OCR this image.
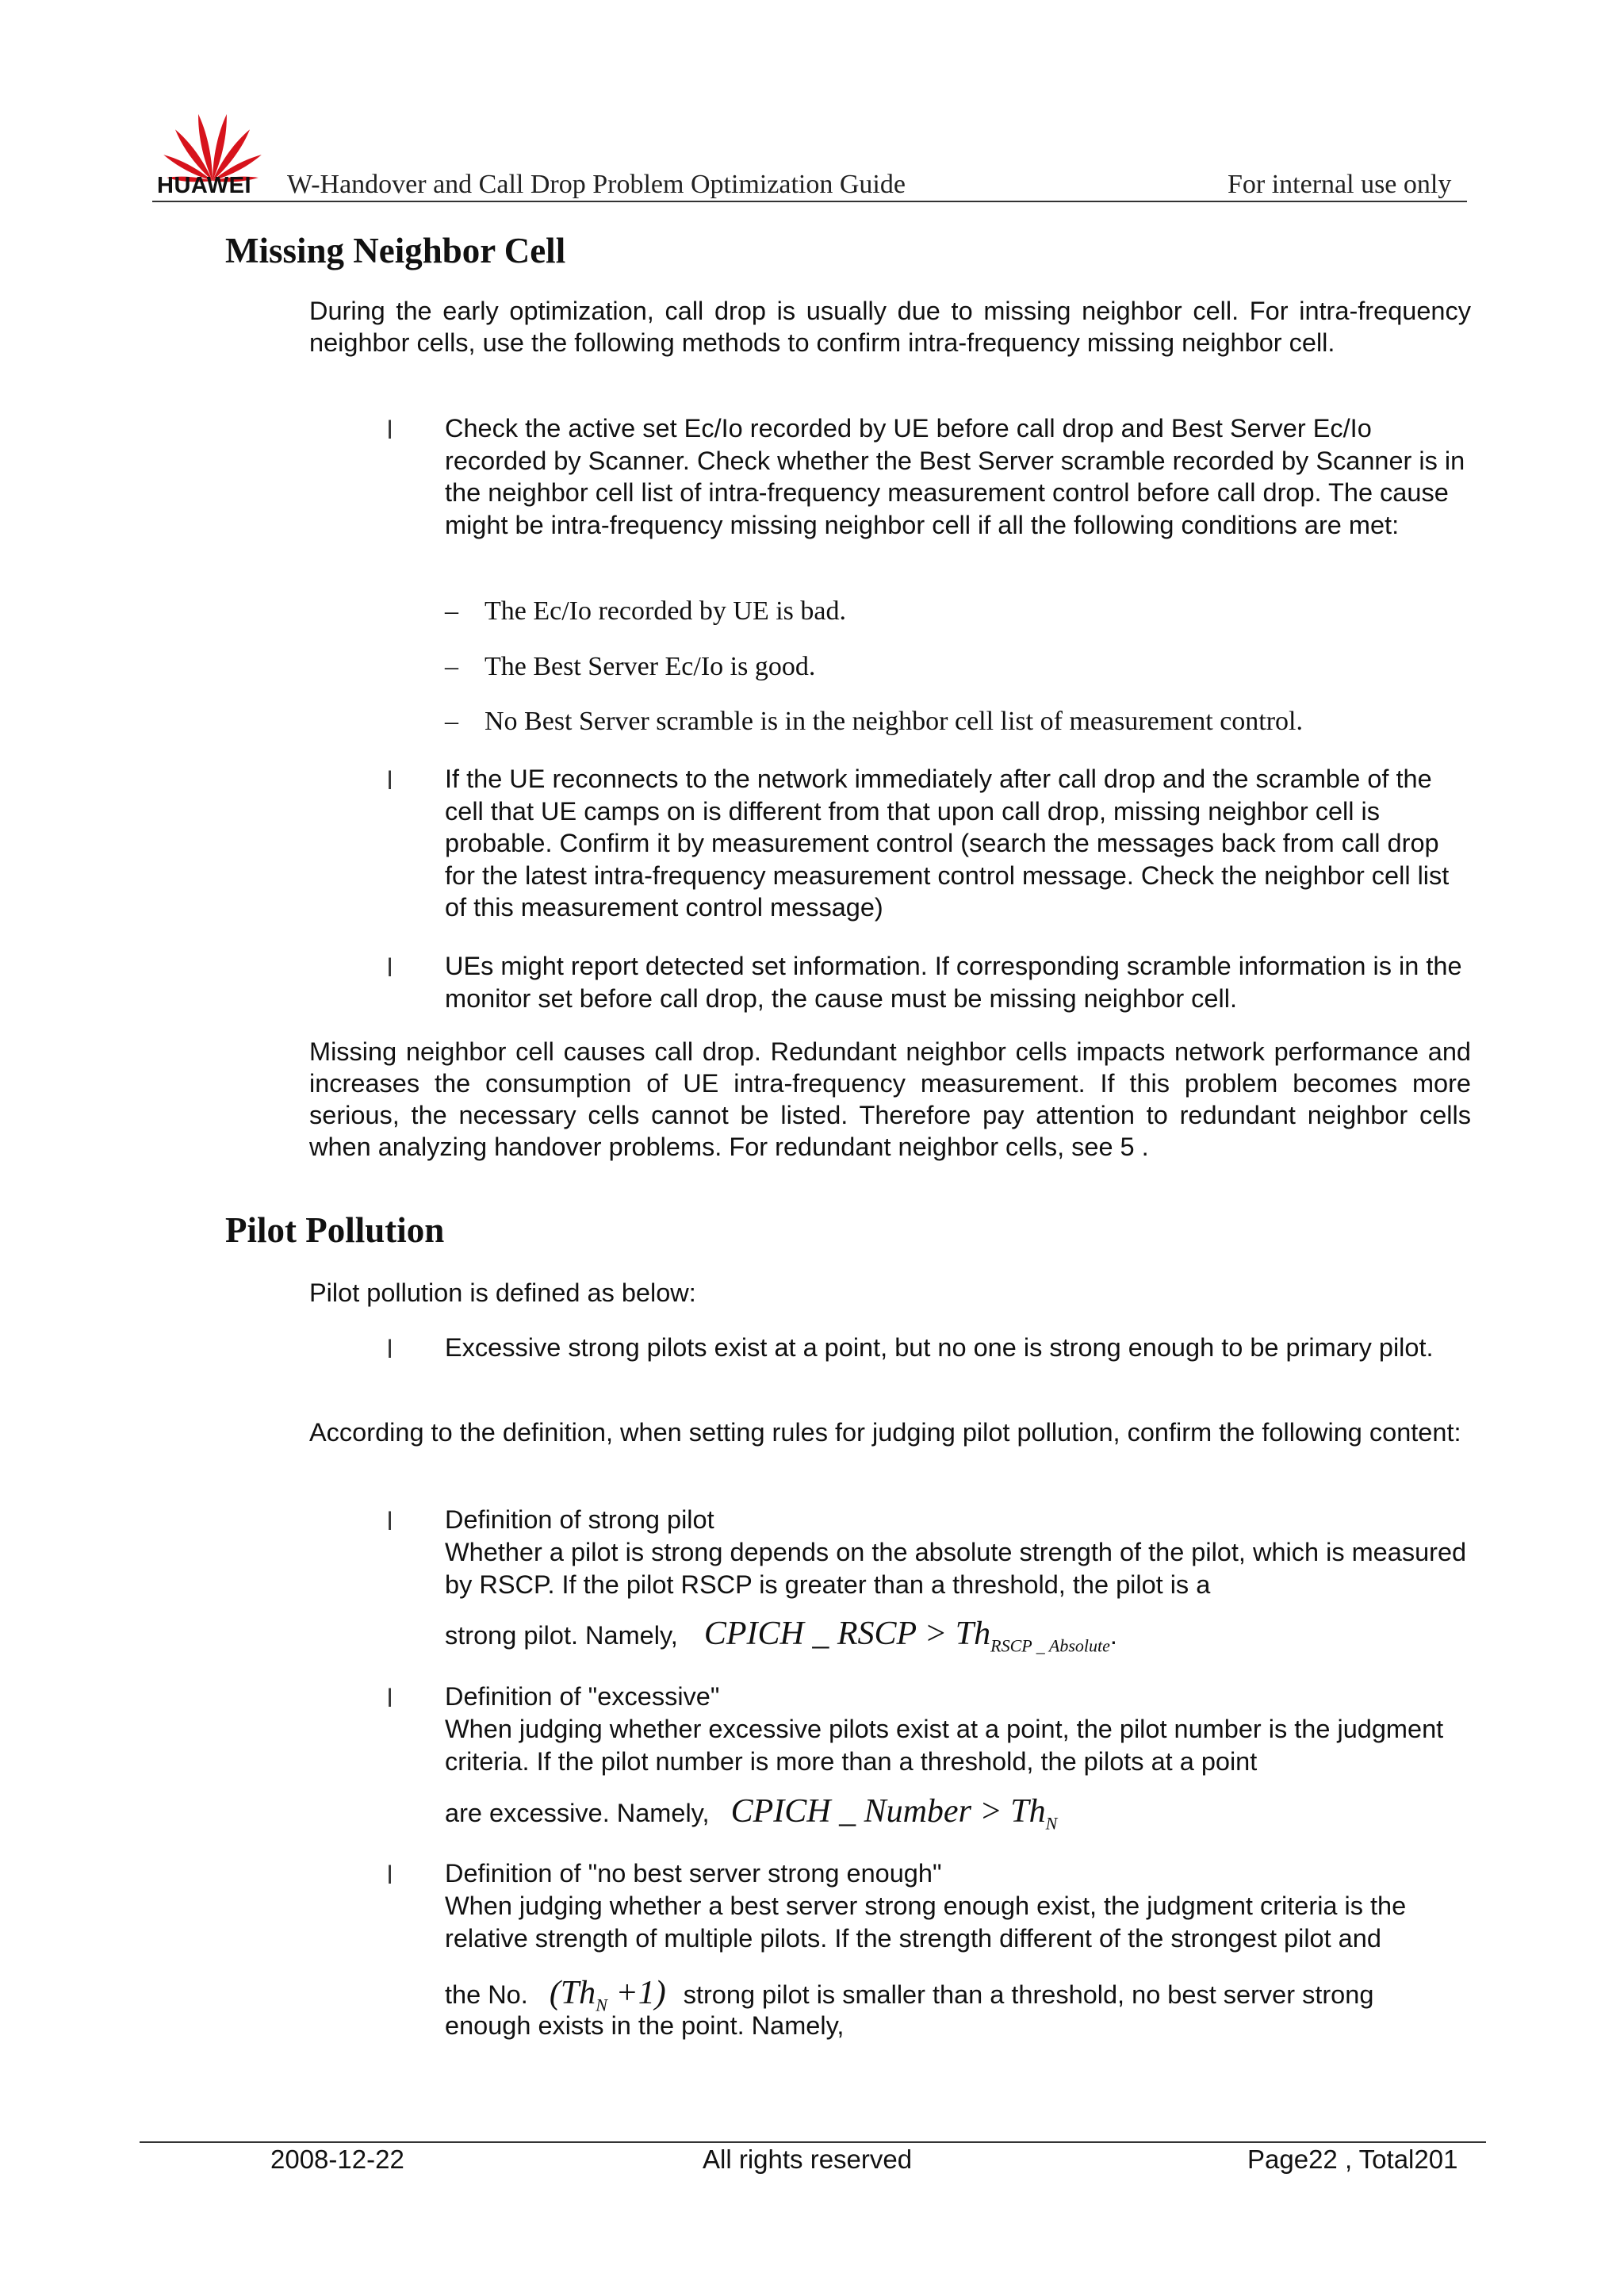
HUAWEI W-Handover and Call Drop Problem Optimization Guide	For internal use only
Missing Neighbor Cell
During the early optimization, call drop is usually due to missing neighbor cell. For intra-frequency neighbor cells, use the following methods to confirm intra-frequency missing neighbor cell.
l Check the active set Ec/Io recorded by UE before call drop and Best Server Ec/Io recorded by Scanner. Check whether the Best Server scramble recorded by Scanner is in the neighbor cell list of intra-frequency measurement control before call drop. The cause might be intra-frequency missing neighbor cell if all the following conditions are met:
– The Ec/Io recorded by UE is bad.
– The Best Server Ec/Io is good.
– No Best Server scramble is in the neighbor cell list of measurement control.
l If the UE reconnects to the network immediately after call drop and the scramble of the cell that UE camps on is different from that upon call drop, missing neighbor cell is probable. Confirm it by measurement control (search the messages back from call drop for the latest intra-frequency measurement control message. Check the neighbor cell list of this measurement control message)
l UEs might report detected set information. If corresponding scramble information is in the monitor set before call drop, the cause must be missing neighbor cell.
Missing neighbor cell causes call drop. Redundant neighbor cells impacts network performance and increases the consumption of UE intra-frequency measurement. If this problem becomes more serious, the necessary cells cannot be listed. Therefore pay attention to redundant neighbor cells when analyzing handover problems. For redundant neighbor cells, see 5 .
Pilot Pollution
Pilot pollution is defined as below:
l Excessive strong pilots exist at a point, but no one is strong enough to be primary pilot.
According to the definition, when setting rules for judging pilot pollution, confirm the following content:
l Definition of strong pilot
Whether a pilot is strong depends on the absolute strength of the pilot, which is measured by RSCP. If the pilot RSCP is greater than a threshold, the pilot is a
strong pilot. Namely, CPICH _ RSCP > $Th_{RSCP \_ Absolute}$.
l Definition of "excessive"
When judging whether excessive pilots exist at a point, the pilot number is the judgment criteria. If the pilot number is more than a threshold, the pilots at a point
are excessive. Namely, CPICH _ Number > $Th_N$
l Definition of "no best server strong enough"
When judging whether a best server strong enough exist, the judgment criteria is the relative strength of multiple pilots. If the strength different of the strongest pilot and
the No. $(Th_N +1)$ strong pilot is smaller than a threshold, no best server strong
enough exists in the point. Namely,
2008-12-22	All rights reserved	Page22 , Total201
